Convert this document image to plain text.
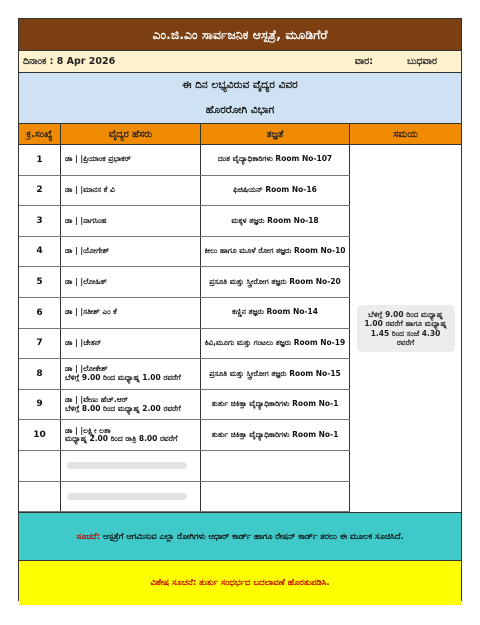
ಎಂ.ಜಿ.ಎಂ ಸಾರ್ವಜನಿಕ ಆಸ್ಪತ್ರೆ, ಮೂಡಿಗೆರೆ
ದಿನಾಂಕ : 8 Apr 2026	ವಾರ:	ಬುಧವಾರ
ಈ ದಿನ ಲಭ್ಯವಿರುವ ವೈದ್ಯರ ವಿವರ
ಹೊರರೋಗಿ ವಿಭಾಗ
ಕ್ರ.ಸಂಖ್ಯೆ	ವೈದ್ಯರ ಹೆಸರು	ತಜ್ಞತೆ	ಸಮಯ
1	ಡಾ | |ಪ್ರಿಯಾಂಕ ಪ್ರಭಾಕರ್	ದಂತ ವೈದ್ಯಾಧಿಕಾರಿಗಳು Room No-107
2	ಡಾ | |ಮಾನಸ ಕೆ ವಿ	ಫಿಜಿಷಿಯನ್ Room No-16
3	ಡಾ | |ನಾಗಸಿಂಹ	ಮಕ್ಕಳ ತಜ್ಞರು Room No-18
4	ಡಾ | |ಯೋಗೇಶ್	ಕೀಲು ಹಾಗೂ ಮೂಳೆ ರೋಗ ತಜ್ಞರು Room No-10
5	ಡಾ | |ಲೋಹಿತ್	ಪ್ರಸೂತಿ ಮತ್ತು ಸ್ತ್ರೀರೋಗ ತಜ್ಞರು Room No-20
6	ಡಾ | |ಸತೀಶ್ ಎಂ ಕೆ	ಕಣ್ಣಿನ ತಜ್ಞರು Room No-14
7	ಡಾ | |ಚೇತನ್	ಕಿವಿ,ಮೂಗು ಮತ್ತು ಗಂಟಲು ತಜ್ಞರು Room No-19
8	ಡಾ | |ಲೋಕೇಶ್
ಬೆಳಿಗ್ಗೆ 9.00 ರಿಂದ ಮಧ್ಯಾಹ್ನ 1.00 ರವರೆಗೆ	ಪ್ರಸೂತಿ ಮತ್ತು ಸ್ತ್ರೀರೋಗ ತಜ್ಞರು Room No-15
9	ಡಾ | |ವೇಣು ಹೆಚ್.ಆರ್
ಬೆಳಿಗ್ಗೆ 8.00 ರಿಂದ ಮಧ್ಯಾಹ್ನ 2.00 ರವರೆಗೆ	ತುರ್ತು ಚಿಕಿತ್ಸಾ ವೈದ್ಯಾಧಿಕಾರಿಗಳು Room No-1
10	ಡಾ | |ಲಕ್ಷ್ಮೀ ಲತಾ
ಮಧ್ಯಾಹ್ನ 2.00 ರಿಂದ ರಾತ್ರಿ 8.00 ರವರೆಗೆ	ತುರ್ತು ಚಿಕಿತ್ಸಾ ವೈದ್ಯಾಧಿಕಾರಿಗಳು Room No-1
ಬೆಳಿಗ್ಗೆ 9.00 ರಿಂದ ಮಧ್ಯಾಹ್ನ 1.00 ರವರೆಗೆ ಹಾಗೂ ಮಧ್ಯಾಹ್ನ 1.45 ರಿಂದ ಸಂಜೆ 4.30 ರವರೆಗೆ
ಸೂಚನೆ: ಆಸ್ಪತ್ರೆಗೆ ಆಗಮಿಸುವ ಎಲ್ಲಾ ರೋಗಿಗಳು ಆಧಾರ್ ಕಾರ್ಡ್ ಹಾಗೂ ರೇಷನ್ ಕಾರ್ಡ್ ತರಲು ಈ ಮೂಲಕ ಸೂಚಿಸಿದೆ.
ವಿಶೇಷ ಸೂಚನೆ: ತುರ್ತು ಸಂಧರ್ಭದ ಬದಲಾವಣೆ ಹೊರತುಪಡಿಸಿ.
